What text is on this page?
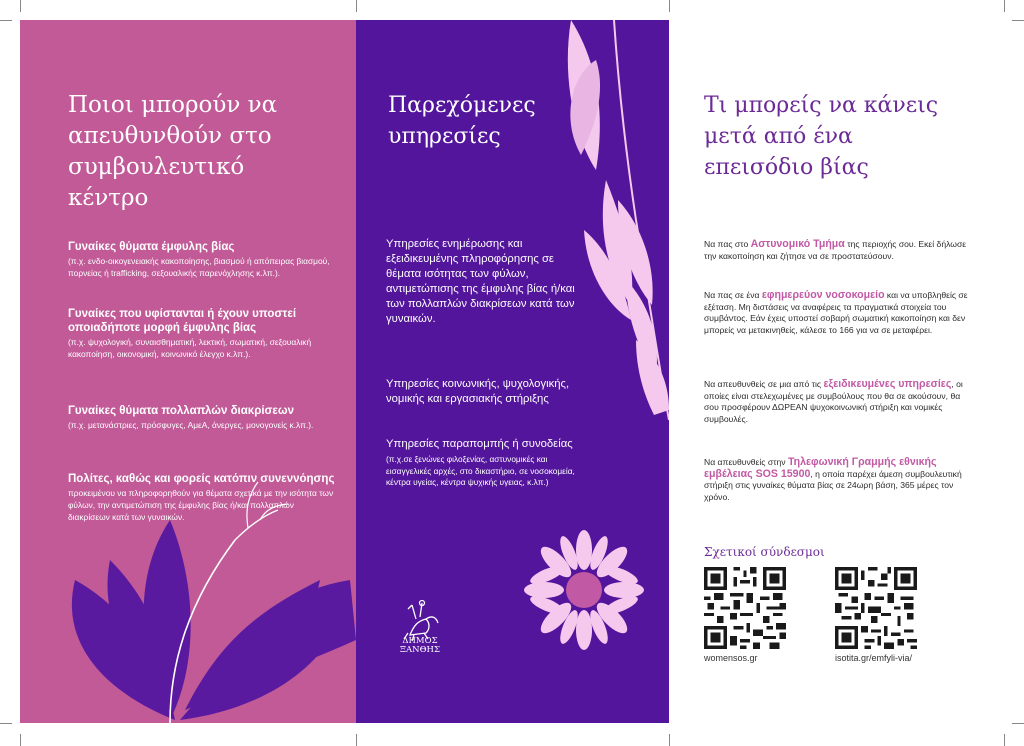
Ποιοι μπορούν να απευθυνθούν στο συμβουλευτικό κέντρο
Γυναίκες θύματα έμφυλης βίας
(π.χ. ενδο-οικογενειακής κακοποίησης, βιασμού ή απόπειρας βιασμού, πορνείας ή trafficking, σεξουαλικής παρενόχλησης κ.λπ.).
Γυναίκες που υφίστανται ή έχουν υποστεί οποιαδήποτε μορφή έμφυλης βίας
(π.χ. ψυχολογική, συναισθηματική, λεκτική, σωματική, σεξουαλική κακοποίηση, οικονομική, κοινωνικό έλεγχο κ.λπ.).
Γυναίκες θύματα πολλαπλών διακρίσεων
(π.χ. μετανάστριες, πρόσφυγες, ΑμεΑ, άνεργες, μονογονείς κ.λπ.).
Πολίτες, καθώς και φορείς κατόπιν συνεννόησης
προκειμένου να πληροφορηθούν για θέματα σχετικά με την ισότητα των φύλων, την αντιμετώπιση της έμφυλης βίας ή/και πολλαπλών διακρίσεων κατά των γυναικών.
Παρεχόμενες υπηρεσίες
Υπηρεσίες ενημέρωσης και εξειδικευμένης πληροφόρησης σε θέματα ισότητας των φύλων, αντιμετώπισης της έμφυλης βίας ή/και των πολλαπλών διακρίσεων κατά των γυναικών.
Υπηρεσίες κοινωνικής, ψυχολογικής, νομικής και εργασιακής στήριξης
Υπηρεσίες παραπομπής ή συνοδείας
(π.χ.σε ξενώνες φιλοξενίας, αστυνομικές και εισαγγελικές αρχές, στο δικαστήριο, σε νοσοκομεία, κέντρα υγείας, κέντρα ψυχικής υγειας, κ.λπ.)
ΔΗΜΟΣ ΞΑΝΘΗΣ
Τι μπορείς να κάνεις μετά από ένα επεισόδιο βίας
Να πας στο Αστυνομικό Τμήμα της περιοχής σου. Εκεί δήλωσε την κακοποίηση και ζήτησε να σε προστατεύσουν.
Να πας σε ένα εφημερεύον νοσοκομείο και να υποβληθείς σε εξέταση. Μη διστάσεις να αναφέρεις τα πραγματικά στοιχεία του συμβάντος. Εάν έχεις υποστεί σοβαρή σωματική κακοποίηση και δεν μπορείς να μετακινηθείς, κάλεσε το 166 για να σε μεταφέρει.
Να απευθυνθείς σε μια από τις εξειδικευμένες υπηρεσίες, οι οποίες είναι στελεχωμένες με συμβούλους που θα σε ακούσουν, θα σου προσφέρουν ΔΩΡΕΑΝ ψυχοκοινωνική στήριξη και νομικές συμβουλές.
Να απευθυνθείς στην Τηλεφωνική Γραμμής εθνικής εμβέλειας SOS 15900, η οποία παρέχει άμεση συμβουλευτική στήριξη στις γυναίκες θύματα βίας σε 24ωρη βάση, 365 μέρες τον χρόνο.
Σχετικοί σύνδεσμοι
womensos.gr	isotita.gr/emfyli-via/
